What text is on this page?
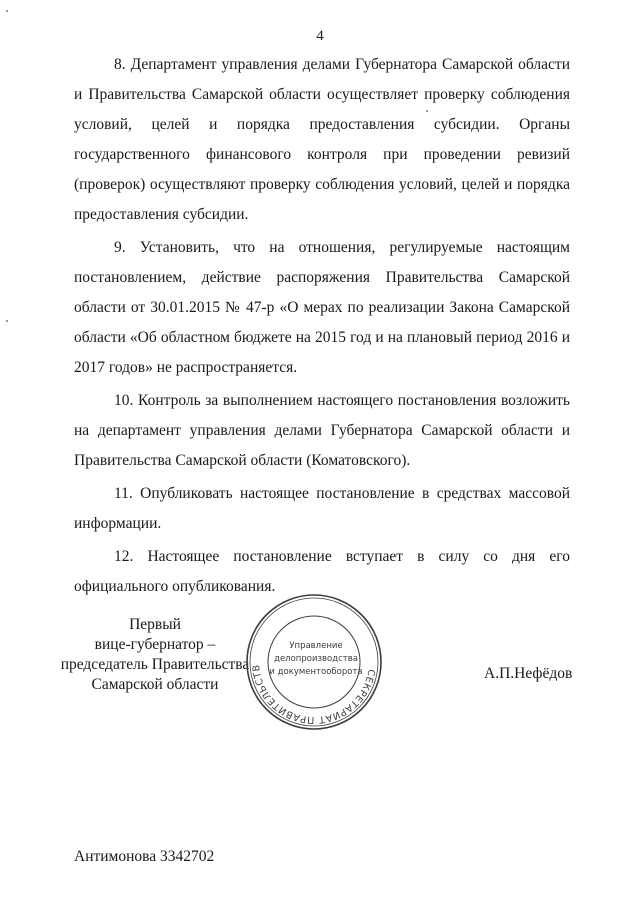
4

8. Департамент управления делами Губернатора Самарской области и Правительства Самарской области осуществляет проверку соблюдения условий, целей и порядка предоставления субсидии. Органы государственного финансового контроля при проведении ревизий (проверок) осуществляют проверку соблюдения условий, целей и порядка предоставления субсидии.

9. Установить, что на отношения, регулируемые настоящим постановлением, действие распоряжения Правительства Самарской области от 30.01.2015 № 47-р «О мерах по реализации Закона Самарской области «Об областном бюджете на 2015 год и на плановый период 2016 и 2017 годов» не распространяется.

10. Контроль за выполнением настоящего постановления возложить на департамент управления делами Губернатора Самарской области и Правительства Самарской области (Коматовского).

11. Опубликовать настоящее постановление в средствах массовой информации.

12. Настоящее постановление вступает в силу со дня его официального опубликования.

Первый
вице-губернатор –
председатель Правительства
Самарской области
СЕКРЕТАРИАТ ПРАВИТЕЛЬСТВ
Управление
делопроизводства
и документооборота	А.П.Нефёдов
Антимонова 3342702
